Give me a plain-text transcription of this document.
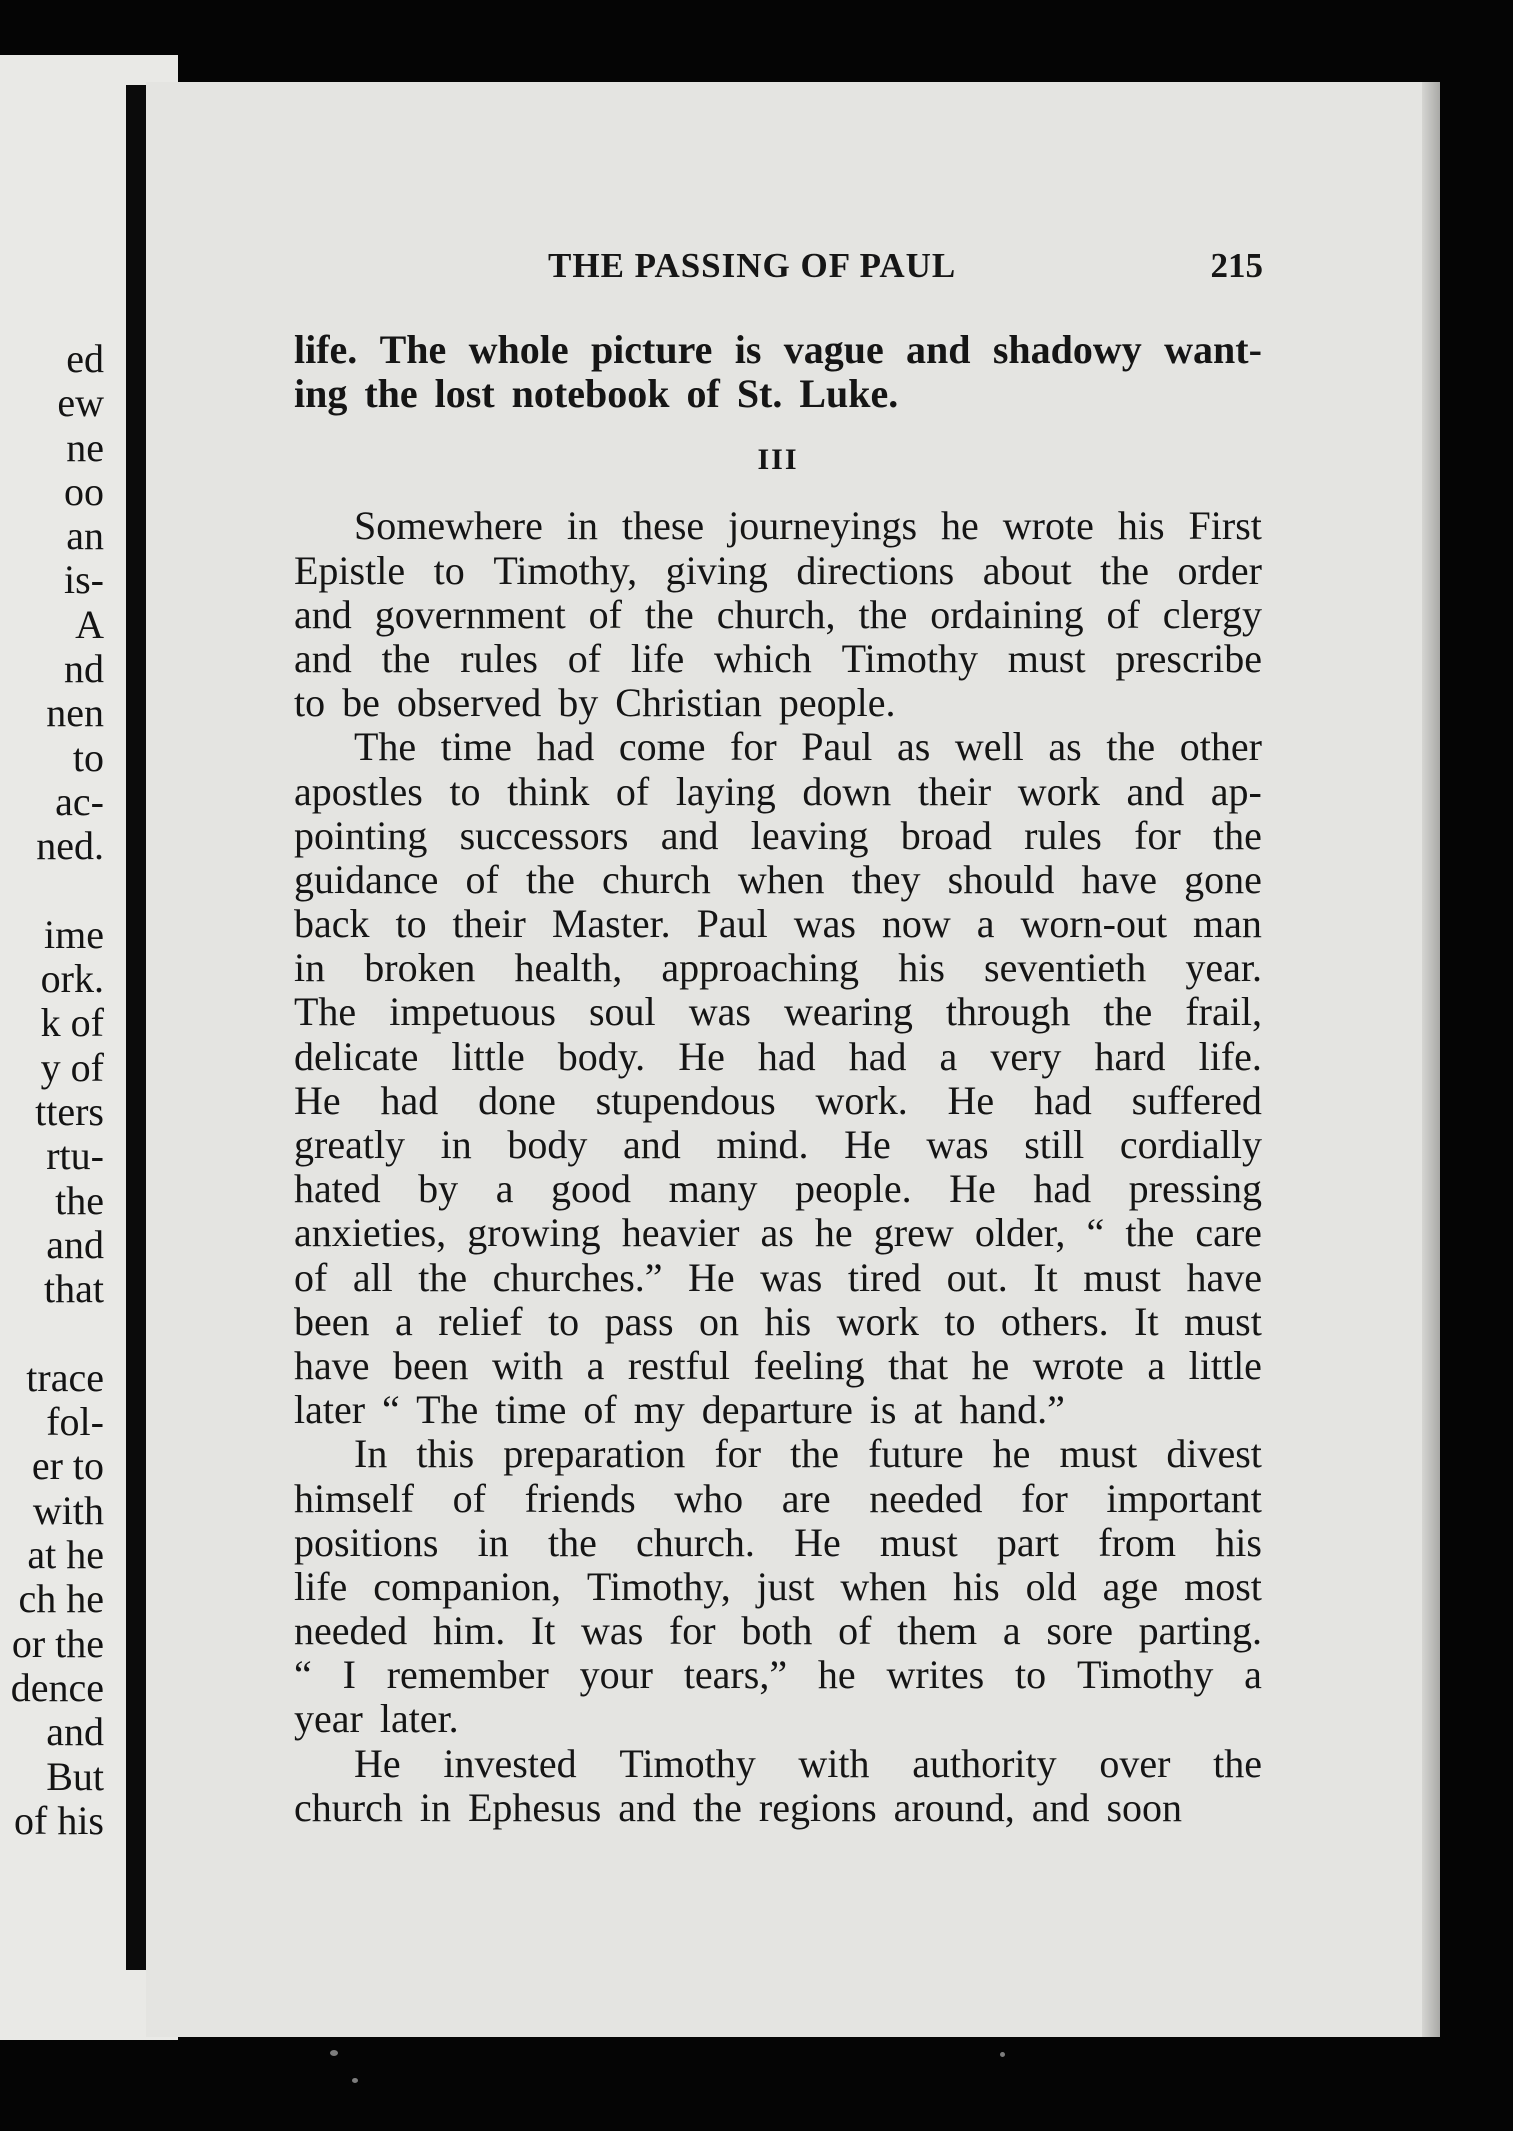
ed
ew
ne
oo
an
is-
A
nd
nen
to
ac-
ned.

ime
ork.
k of
y of
tters
rtu-
the
and
that

trace
fol-
er to
with
at he
ch he
or the
dence
and
But
of his
THE PASSING OF PAUL	215
life. The whole picture is vague and shadowy want-
ing the lost notebook of St. Luke.
III
Somewhere in these journeyings he wrote his First
Epistle to Timothy, giving directions about the order
and government of the church, the ordaining of clergy
and the rules of life which Timothy must prescribe
to be observed by Christian people.
The time had come for Paul as well as the other
apostles to think of laying down their work and ap-
pointing successors and leaving broad rules for the
guidance of the church when they should have gone
back to their Master. Paul was now a worn-out man
in broken health, approaching his seventieth year.
The impetuous soul was wearing through the frail,
delicate little body. He had had a very hard life.
He had done stupendous work. He had suffered
greatly in body and mind. He was still cordially
hated by a good many people. He had pressing
anxieties, growing heavier as he grew older, “ the care
of all the churches.” He was tired out. It must have
been a relief to pass on his work to others. It must
have been with a restful feeling that he wrote a little
later “ The time of my departure is at hand.”
In this preparation for the future he must divest
himself of friends who are needed for important
positions in the church. He must part from his
life companion, Timothy, just when his old age most
needed him. It was for both of them a sore parting.
“ I remember your tears,” he writes to Timothy a
year later.
He invested Timothy with authority over the
church in Ephesus and the regions around, and soon
